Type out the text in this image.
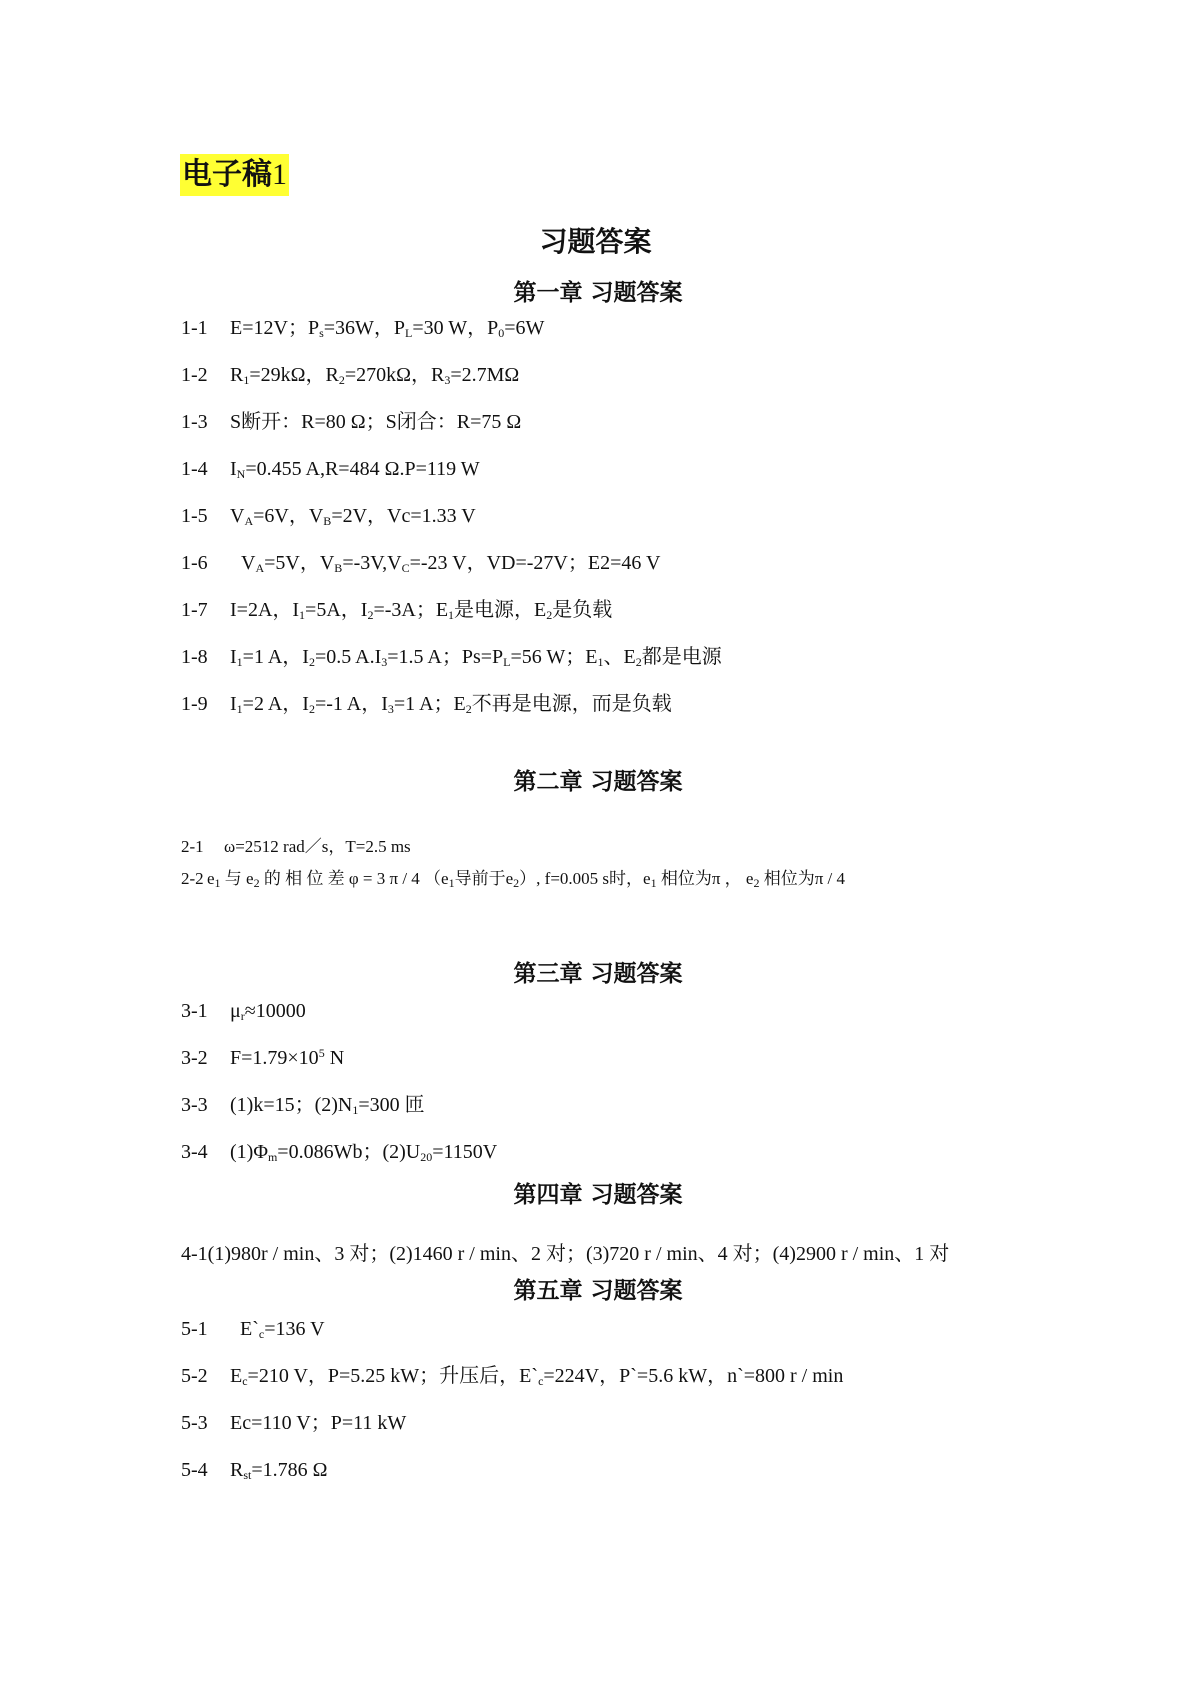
电子稿1
习题答案
第一章 习题答案
1-1 E=12V；$P_s=36W$，$P_L=30$ W，$P_0=6W$
1-2 $R_1=29k\Omega$，$R_2=270k\Omega$，$R_3=2.7M\Omega$
1-3 S断开：R=80 Ω；S闭合：R=75 Ω
1-4 $I_N=0.455$ A,R=484 Ω.P=119 W
1-5 $V_A=6V$，$V_B=2V$，Vc=1.33 V
1-6 $V_A=5V$，$V_B=-3V,V_C=-23$ V，VD=-27V；E2=46 V
1-7 I=2A，$I_1=5A$，$I_2=-3A$；$E_1$是电源，$E_2$是负载
1-8 $I_1=1$ A，$I_2=0.5$ $A.I_3=1.5$ A；$Ps=P_L=56$ W；$E_1$、$E_2$都是电源
1-9 $I_1=2$ A，$I_2=-1$ A，$I_3=1$ A；$E_2$不再是电源，而是负载
第二章 习题答案
2-1 ω=2512 rad／s，T=2.5 ms
2-2 $e_1$ 与 $e_2$ 的 相 位 差 φ = 3 π / 4 （$e_1$导前于$e_2$）, f=0.005 s时，$e_1$ 相位为π ， $e_2$ 相位为π / 4
第三章 习题答案
3-1 $\mu_r\approx 10000$
3-2 $F=1.79\times 10^5$ N
3-3 (1)k=15；$(2)N_1=300$ 匝
3-4 $(1)\Phi_m=0.086Wb$；$(2)U_{20}=1150V$
第四章 习题答案
4-1(1)980r / min、3 对；(2)1460 r / min、2 对；(3)720 r / min、4 对；(4)2900 r / min、1 对
第五章 习题答案
5-1 $E`_c=136$ V
5-2 $E_c=210$ V，P=5.25 kW；升压后，$E`_c=224V$，P`=5.6 kW，n`=800 r / min
5-3 Ec=110 V；P=11 kW
5-4 $R_{st}=1.786$ Ω
